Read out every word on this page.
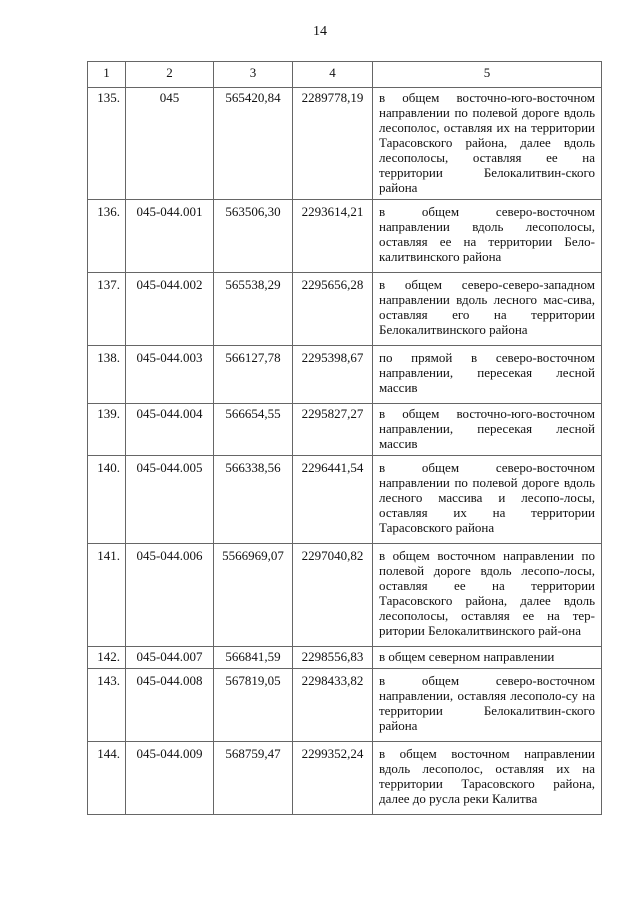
14
1	2	3	4	5
135.	045	565420,84	2289778,19	в общем восточно-юго-восточном направлении по полевой дороге вдоль лесополос, оставляя их на территории Тарасовского района, далее вдоль лесополосы, оставляя ее на территории Белокалитвин-ского района
136.	045-044.001	563506,30	2293614,21	в общем северо-восточном направлении вдоль лесополосы, оставляя ее на территории Бело-калитвинского района
137.	045-044.002	565538,29	2295656,28	в общем северо-северо-западном направлении вдоль лесного мас-сива, оставляя его на территории Белокалитвинского района
138.	045-044.003	566127,78	2295398,67	по прямой в северо-восточном направлении, пересекая лесной массив
139.	045-044.004	566654,55	2295827,27	в общем восточно-юго-восточном направлении, пересекая лесной массив
140.	045-044.005	566338,56	2296441,54	в общем северо-восточном направлении по полевой дороге вдоль лесного массива и лесопо-лосы, оставляя их на территории Тарасовского района
141.	045-044.006	5566969,07	2297040,82	в общем восточном направлении по полевой дороге вдоль лесопо-лосы, оставляя ее на территории Тарасовского района, далее вдоль лесополосы, оставляя ее на тер-ритории Белокалитвинского рай-она
142.	045-044.007	566841,59	2298556,83	в общем северном направлении
143.	045-044.008	567819,05	2298433,82	в общем северо-восточном направлении, оставляя лесополо-су на территории Белокалитвин-ского района
144.	045-044.009	568759,47	2299352,24	в общем восточном направлении вдоль лесополос, оставляя их на территории Тарасовского района, далее до русла реки Калитва
